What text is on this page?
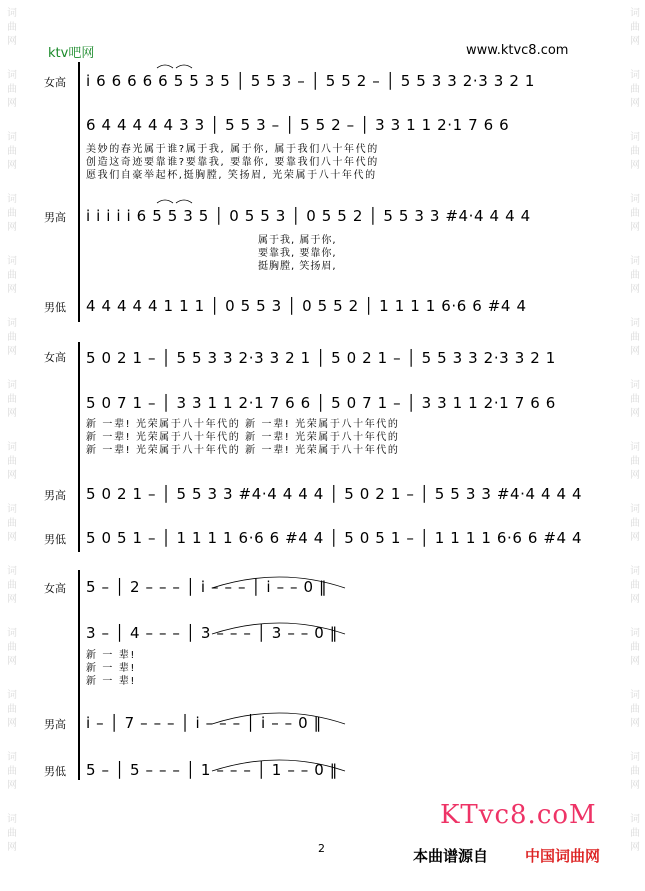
词
曲
网
词
曲
网
词
曲
网
词
曲
网
词
曲
网
词
曲
网
词
曲
网
词
曲
网
词
曲
网
词
曲
网
词
曲
网
词
曲
网
词
曲
网
词
曲
网
词
曲
网
词
曲
网
词
曲
网
词
曲
网
词
曲
网
词
曲
网
词
曲
网
词
曲
网
词
曲
网
词
曲
网
词
曲
网
词
曲
网
词
曲
网
词
曲
网
ktv吧网	www.ktvc8.com
女高 i 6 6 6 6 6 5 5 3 5 │ 5 5 3 – │ 5 5 2 – │ 5 5 3 3 2·3 3 2 1
6 4 4 4 4 4 3 3 │ 5 5 3 – │ 5 5 2 – │ 3 3 1 1 2·1 7 6 6
美妙的春光属于谁?属于我, 属于你, 属于我们八十年代的
创造这奇迹要靠谁?要靠我, 要靠你, 要靠我们八十年代的
愿我们自豪举起杯,挺胸膛, 笑扬眉, 光荣属于八十年代的
男高 i i i i i 6 5 5 3 5 │ 0 5 5 3 │ 0 5 5 2 │ 5 5 3 3 #4·4 4 4 4
属于我, 属于你,
要靠我, 要靠你,
挺胸膛, 笑扬眉,
男低 4 4 4 4 4 1 1 1 │ 0 5 5 3 │ 0 5 5 2 │ 1 1 1 1 6·6 6 #4 4
女高 5 0 2 1 – │ 5 5 3 3 2·3 3 2 1 │ 5 0 2 1 – │ 5 5 3 3 2·3 3 2 1
5 0 7 1 – │ 3 3 1 1 2·1 7 6 6 │ 5 0 7 1 – │ 3 3 1 1 2·1 7 6 6
新 一辈! 光荣属于八十年代的 新 一辈! 光荣属于八十年代的
新 一辈! 光荣属于八十年代的 新 一辈! 光荣属于八十年代的
新 一辈! 光荣属于八十年代的 新 一辈! 光荣属于八十年代的
男高 5 0 2 1 – │ 5 5 3 3 #4·4 4 4 4 │ 5 0 2 1 – │ 5 5 3 3 #4·4 4 4 4
男低 5 0 5 1 – │ 1 1 1 1 6·6 6 #4 4 │ 5 0 5 1 – │ 1 1 1 1 6·6 6 #4 4
女高 5 – │ 2 – – – │ i – – – │ i – – 0 ‖
3 – │ 4 – – – │ 3 – – – │ 3 – – 0 ‖
新 一 辈!
新 一 辈!
新 一 辈!
男高 i – │ 7 – – – │ i – – – │ i – – 0 ‖
男低 5 – │ 5 – – – │ 1 – – – │ 1 – – 0 ‖
KTvc8.coM
2	本曲谱源自 中国词曲网
